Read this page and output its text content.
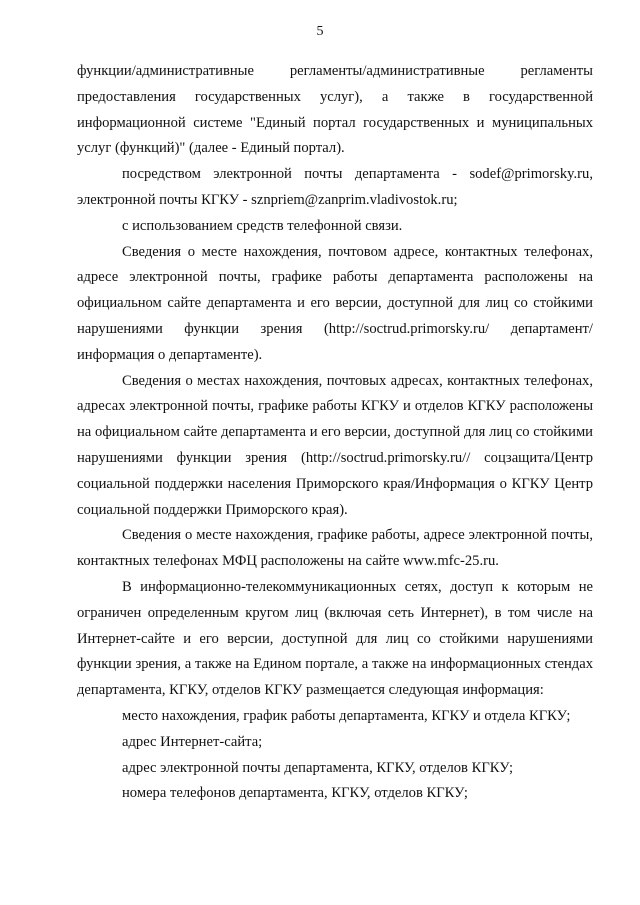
5

функции/административные регламенты/административные регламенты предоставления государственных услуг), а также в государственной информационной системе "Единый портал государственных и муниципальных услуг (функций)" (далее - Единый портал).

посредством электронной почты департамента - sodef@primorsky.ru, электронной почты КГКУ - sznpriem@zanprim.vladivostok.ru;

с использованием средств телефонной связи.

Сведения о месте нахождения, почтовом адресе, контактных телефонах, адресе электронной почты, графике работы департамента расположены на официальном сайте департамента и его версии, доступной для лиц со стойкими нарушениями функции зрения (http://soctrud.primorsky.ru/ департамент/информация о департаменте).

Сведения о местах нахождения, почтовых адресах, контактных телефонах, адресах электронной почты, графике работы КГКУ и отделов КГКУ расположены на официальном сайте департамента и его версии, доступной для лиц со стойкими нарушениями функции зрения (http://soctrud.primorsky.ru// соцзащита/Центр социальной поддержки населения Приморского края/Информация о КГКУ Центр социальной поддержки Приморского края).

Сведения о месте нахождения, графике работы, адресе электронной почты, контактных телефонах МФЦ расположены на сайте www.mfc-25.ru.

В информационно-телекоммуникационных сетях, доступ к которым не ограничен определенным кругом лиц (включая сеть Интернет), в том числе на Интернет-сайте и его версии, доступной для лиц со стойкими нарушениями функции зрения, а также на Едином портале, а также на информационных стендах департамента, КГКУ, отделов КГКУ размещается следующая информация:

место нахождения, график работы департамента, КГКУ и отдела КГКУ;

адрес Интернет-сайта;

адрес электронной почты департамента, КГКУ, отделов КГКУ;

номера телефонов департамента, КГКУ, отделов КГКУ;
